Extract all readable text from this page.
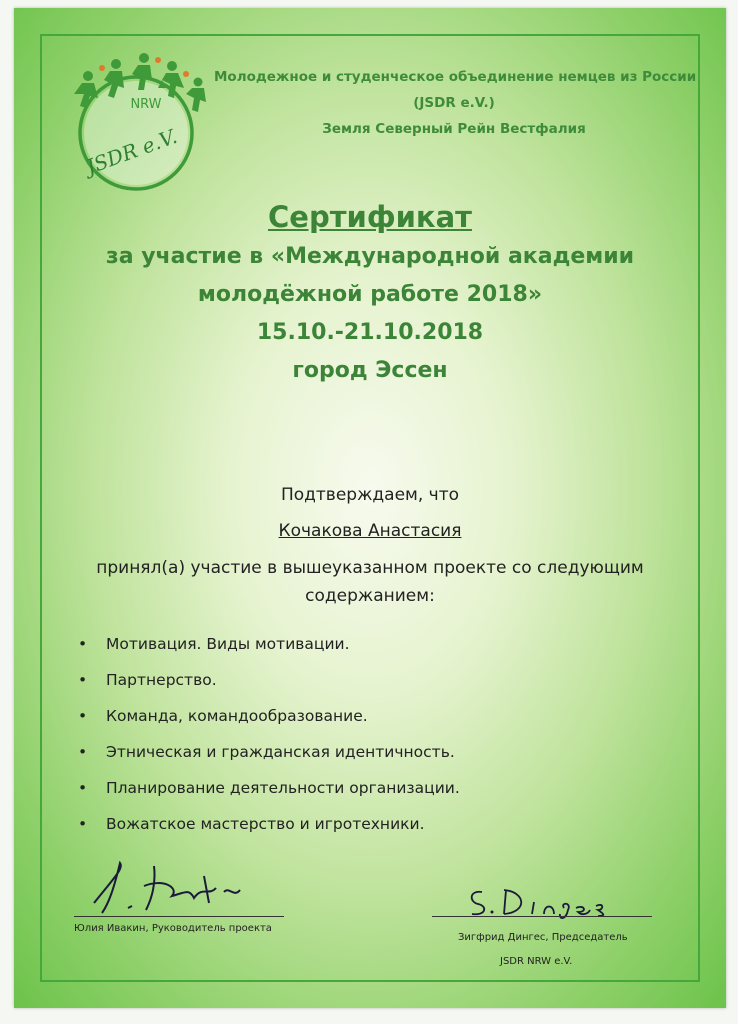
NRW
JSDR e.V.
Молодежное и студенческое объединение немцев из России
(JSDR e.V.)
Земля Северный Рейн Вестфалия
Сертификат
за участие в «Международной академии
молодёжной работе 2018»
15.10.-21.10.2018
город Эссен
Подтверждаем, что
Кочакова Анастасия
принял(а) участие в вышеуказанном проекте со следующим
содержанием:
• Мотивация. Виды мотивации.
• Партнерство.
• Команда, командообразование.
• Этническая и гражданская идентичность.
• Планирование деятельности организации.
• Вожатское мастерство и игротехники.
Юлия Ивакин, Руководитель проекта
Зигфрид Дингес, Председатель
JSDR NRW e.V.
